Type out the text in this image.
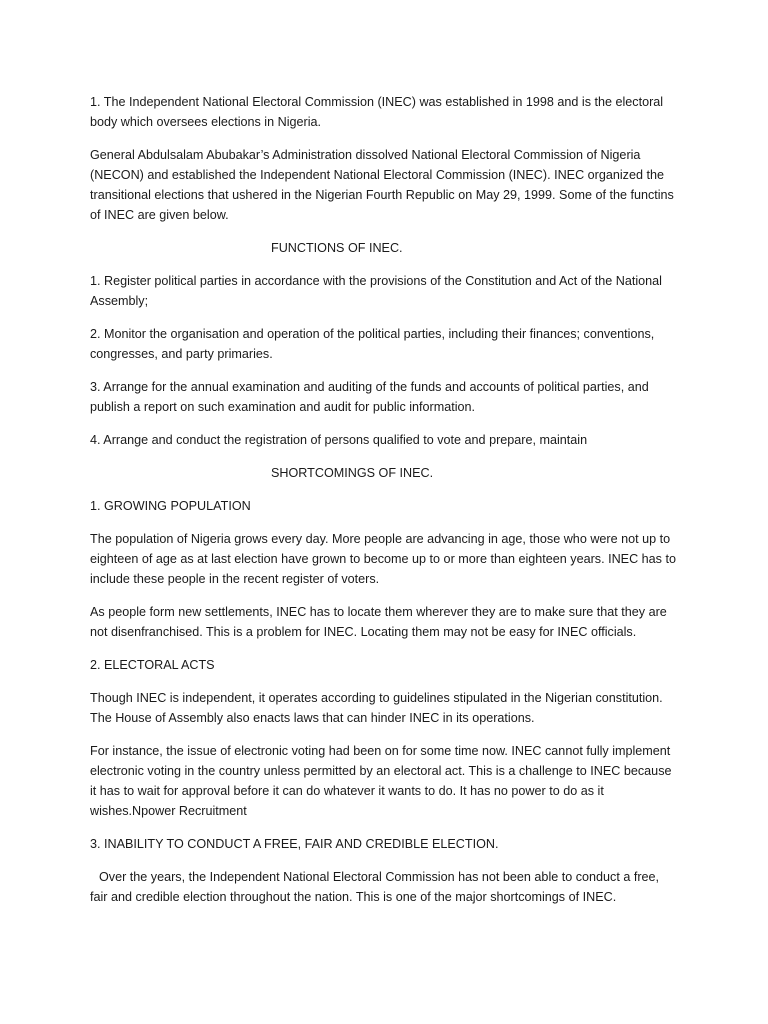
1. The Independent National Electoral Commission (INEC) was established in 1998 and is the electoral body which oversees elections in Nigeria.

General Abdulsalam Abubakar’s Administration dissolved National Electoral Commission of Nigeria (NECON) and established the Independent National Electoral Commission (INEC). INEC organized the transitional elections that ushered in the Nigerian Fourth Republic on May 29, 1999. Some of the functins of INEC are given below.

FUNCTIONS OF INEC.

1. Register political parties in accordance with the provisions of the Constitution and Act of the National Assembly;

2. Monitor the organisation and operation of the political parties, including their finances; conventions, congresses, and party primaries.

3. Arrange for the annual examination and auditing of the funds and accounts of political parties, and publish a report on such examination and audit for public information.

4. Arrange and conduct the registration of persons qualified to vote and prepare, maintain

SHORTCOMINGS OF INEC.

1. GROWING POPULATION

The population of Nigeria grows every day. More people are advancing in age, those who were not up to eighteen of age as at last election have grown to become up to or more than eighteen years. INEC has to include these people in the recent register of voters.

As people form new settlements, INEC has to locate them wherever they are to make sure that they are not disenfranchised. This is a problem for INEC. Locating them may not be easy for INEC officials.

2. ELECTORAL ACTS

Though INEC is independent, it operates according to guidelines stipulated in the Nigerian constitution. The House of Assembly also enacts laws that can hinder INEC in its operations.

For instance, the issue of electronic voting had been on for some time now. INEC cannot fully implement electronic voting in the country unless permitted by an electoral act. This is a challenge to INEC because it has to wait for approval before it can do whatever it wants to do. It has no power to do as it wishes.Npower Recruitment

3. INABILITY TO CONDUCT A FREE, FAIR AND CREDIBLE ELECTION.

Over the years, the Independent National Electoral Commission has not been able to conduct a free, fair and credible election throughout the nation. This is one of the major shortcomings of INEC.
